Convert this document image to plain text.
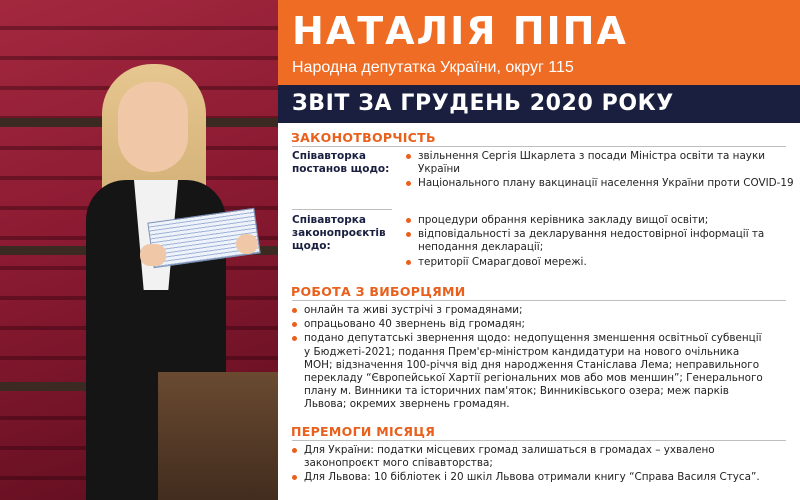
НАТАЛІЯ ПІПА
Народна депутатка України, округ 115
ЗВІТ ЗА ГРУДЕНЬ 2020 РОКУ
ЗАКОНОТВОРЧІСТЬ
Співавторка постанов щодо:
звільнення Сергія Шкарлета з посади Міністра освіти та науки України
Національного плану вакцинації населення України проти COVID-19
Співавторка законопроєктів щодо:
процедури обрання керівника закладу вищої освіти;
відповідальності за декларування недостовірної інформації та неподання декларації;
території Смарагдової мережі.
РОБОТА З ВИБОРЦЯМИ
онлайн та живі зустрічі з громадянами;
опрацьовано 40 звернень від громадян;
подано депутатські звернення щодо: недопущення зменшення освітньої субвенції у Бюджеті-2021; подання Прем'єр-міністром кандидатури на нового очільника МОН; відзначення 100-річчя від дня народження Станіслава Лема; неправильного перекладу “Європейської Хартії регіональних мов або мов меншин”; Генерального плану м. Винники та історичних пам'яток; Винниківського озера; меж парків Львова; окремих звернень громадян.
ПЕРЕМОГИ МІСЯЦЯ
Для України: податки місцевих громад залишаться в громадах – ухвалено законопроєкт мого співавторства;
Для Львова: 10 бібліотек і 20 шкіл Львова отримали книгу “Справа Василя Стуса”.
